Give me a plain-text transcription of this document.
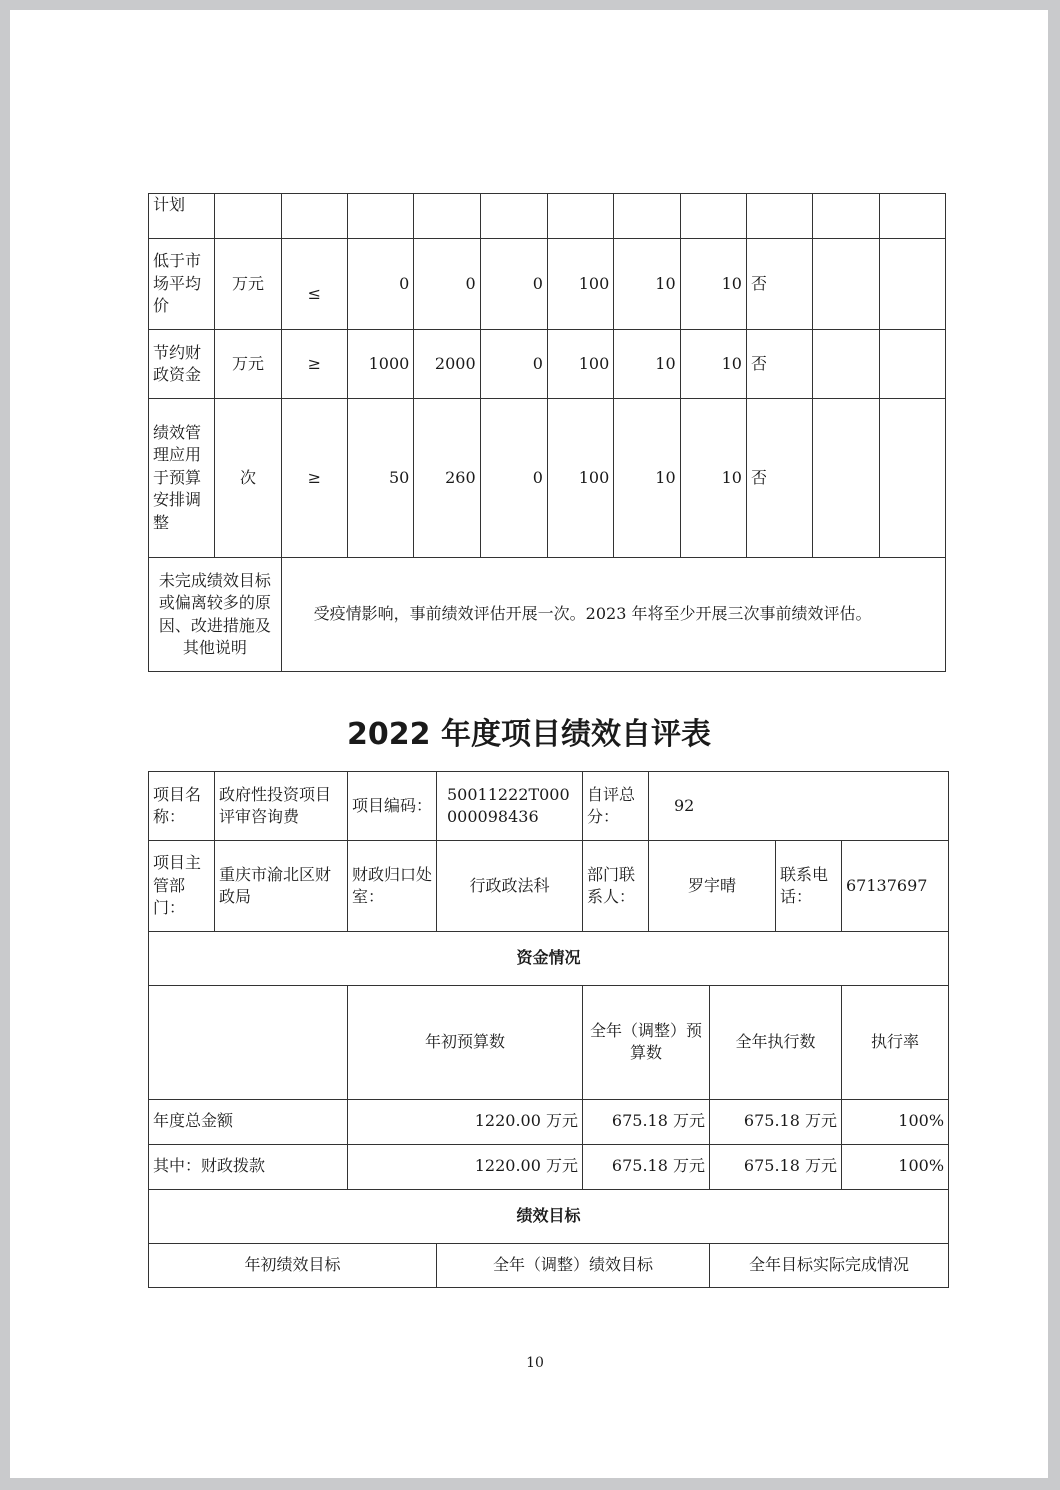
计划											
低于市场平均价	万元	≤	0	0	0	100	10	10	否		
节约财政资金	万元	≥	1000	2000	0	100	10	10	否		
绩效管理应用于预算安排调整	次	≥	50	260	0	100	10	10	否		
未完成绩效目标或偏离较多的原因、改进措施及其他说明		受疫情影响，事前绩效评估开展一次。2023 年将至少开展三次事前绩效评估。									
2022 年度项目绩效自评表
项目名称：	政府性投资项目评审咨询费	项目编码：	50011222T000000098436	自评总分：	92				
项目主管部门：	重庆市渝北区财政局	财政归口处室：	行政政法科	部门联系人：	罗宇晴		联系电话：	67137697	
资金情况									
		年初预算数		全年（调整）预算数		全年执行数		执行率		
年度总金额		1220.00 万元		675.18 万元		675.18 万元		100%		
其中：财政拨款		1220.00 万元		675.18 万元		675.18 万元		100%		
绩效目标									
年初绩效目标			全年（调整）绩效目标			全年目标实际完成情况			
10
